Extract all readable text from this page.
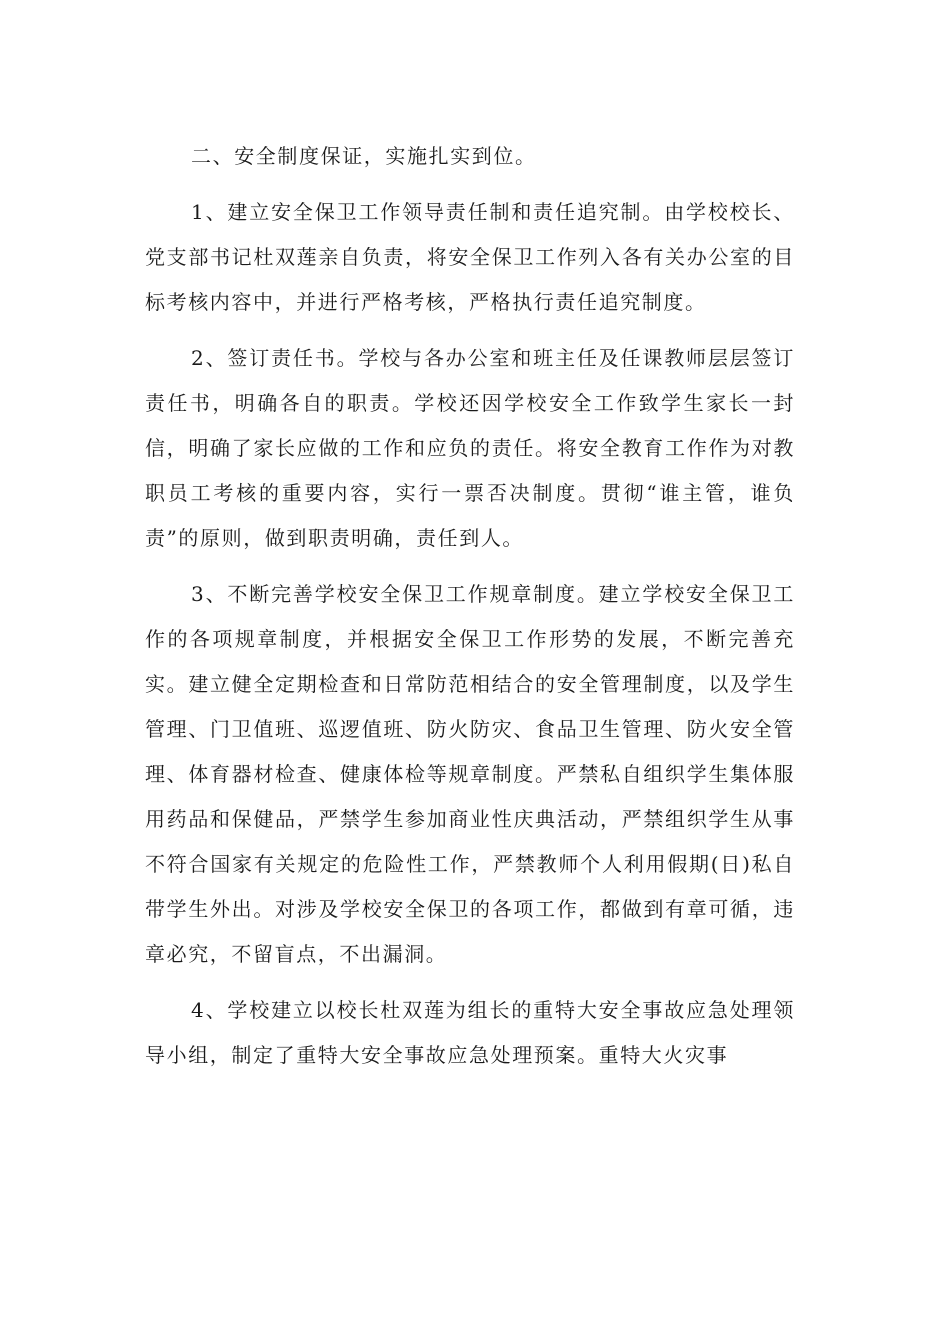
二、安全制度保证，实施扎实到位。

1、建立安全保卫工作领导责任制和责任追究制。由学校校长、党支部书记杜双莲亲自负责，将安全保卫工作列入各有关办公室的目标考核内容中，并进行严格考核，严格执行责任追究制度。

2、签订责任书。学校与各办公室和班主任及任课教师层层签订责任书，明确各自的职责。学校还因学校安全工作致学生家长一封信，明确了家长应做的工作和应负的责任。将安全教育工作作为对教职员工考核的重要内容，实行一票否决制度。贯彻“谁主管，谁负责”的原则，做到职责明确，责任到人。

3、不断完善学校安全保卫工作规章制度。建立学校安全保卫工作的各项规章制度，并根据安全保卫工作形势的发展，不断完善充实。建立健全定期检查和日常防范相结合的安全管理制度，以及学生管理、门卫值班、巡逻值班、防火防灾、食品卫生管理、防火安全管理、体育器材检查、健康体检等规章制度。严禁私自组织学生集体服用药品和保健品，严禁学生参加商业性庆典活动，严禁组织学生从事不符合国家有关规定的危险性工作，严禁教师个人利用假期(日)私自带学生外出。对涉及学校安全保卫的各项工作，都做到有章可循，违章必究，不留盲点，不出漏洞。

4、学校建立以校长杜双莲为组长的重特大安全事故应急处理领导小组，制定了重特大安全事故应急处理预案。重特大火灾事
